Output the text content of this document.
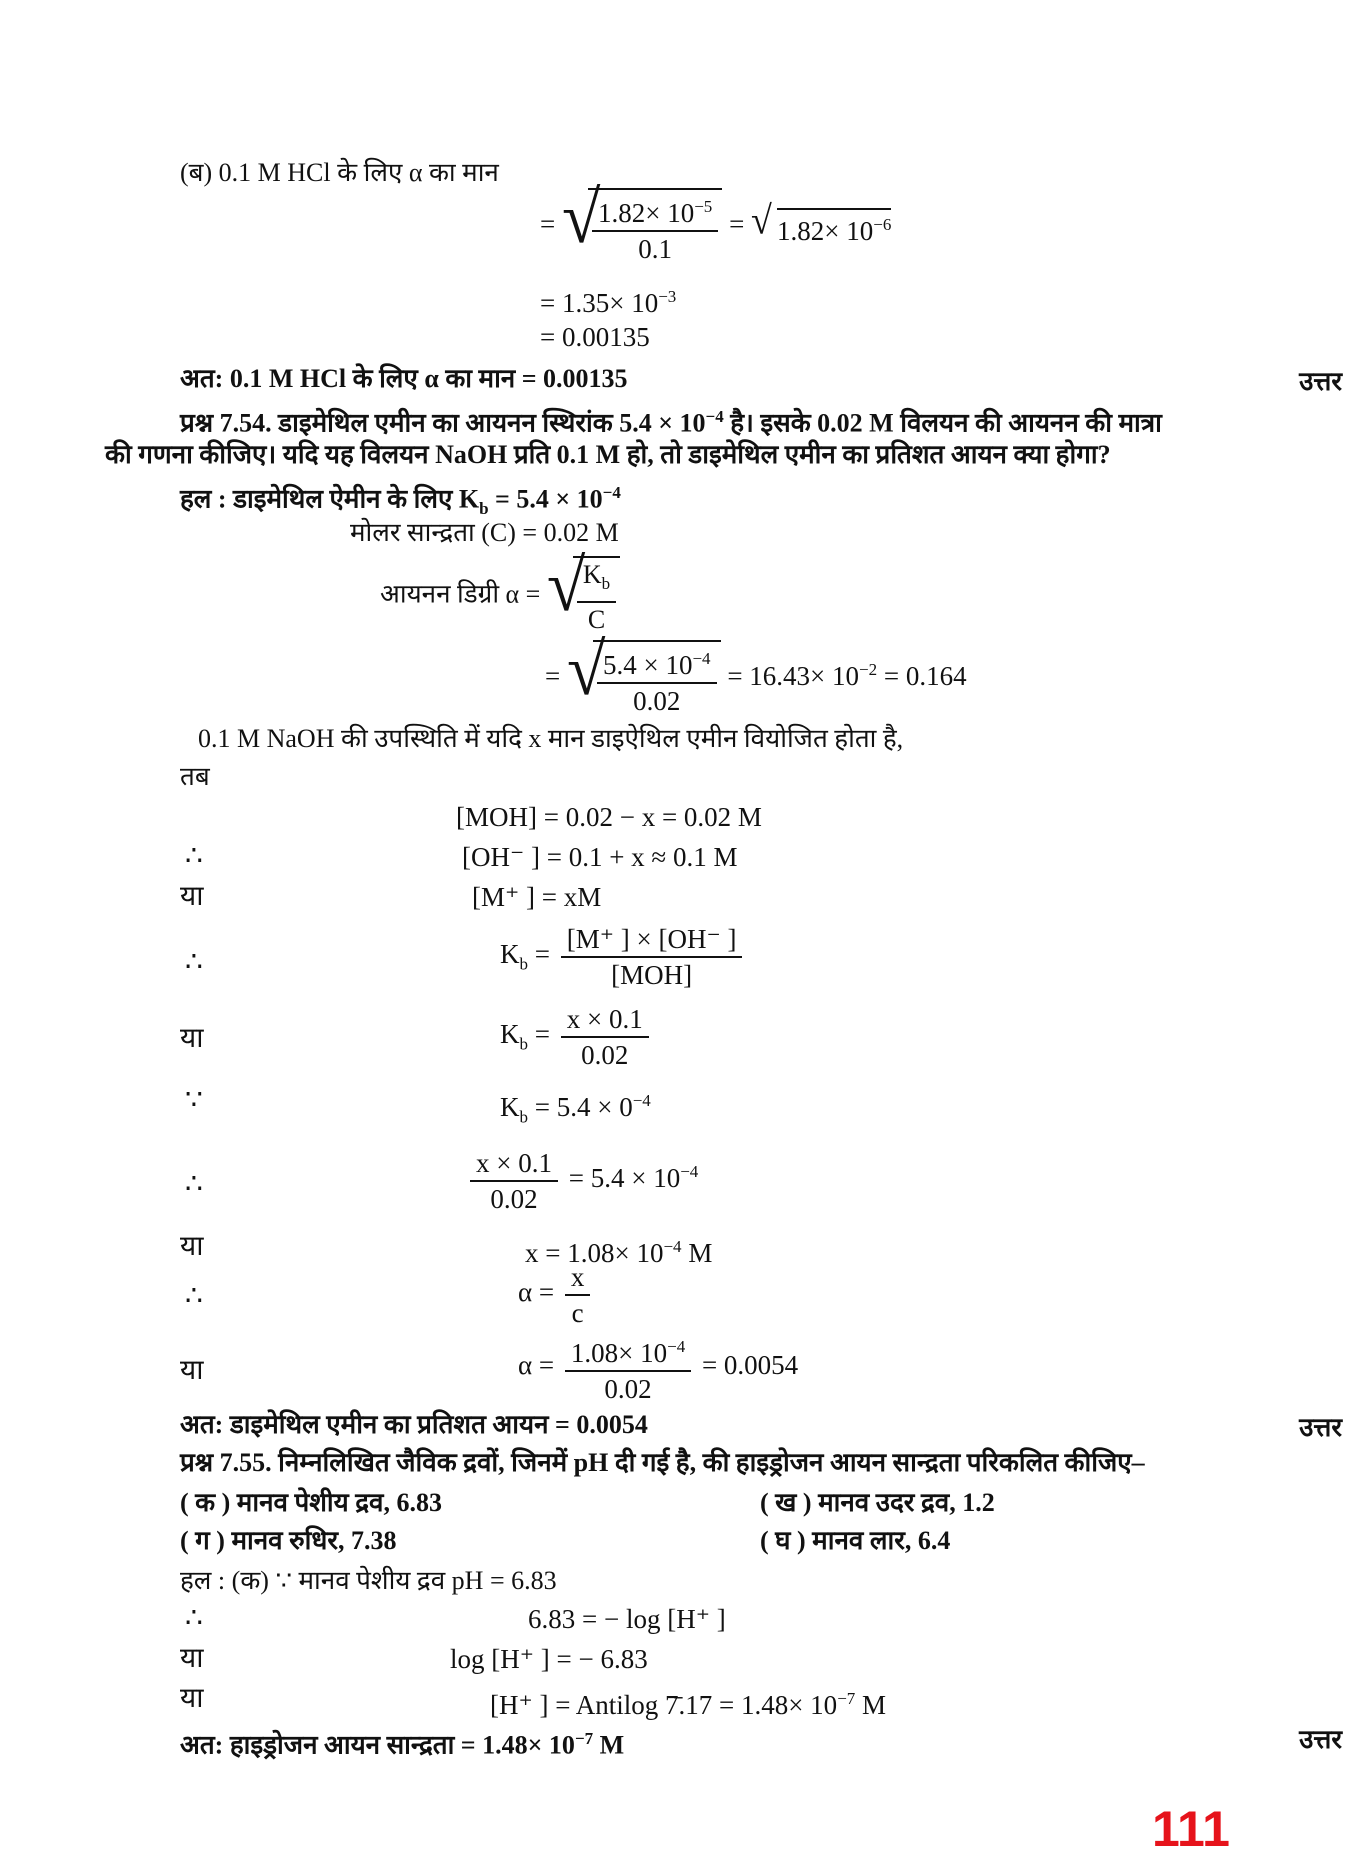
(ब) 0.1 M HCl के लिए α का मान
= √
$\frac{1.82\times 10^{-5}}{0.1}$ = √ $1.82\times 10^{-6}$
= $1.35\times 10^{-3}$
= 0.00135
अत: 0.1 M HCl के लिए α का मान = 0.00135	उत्तर
प्रश्न 7.54. डाइमेथिल एमीन का आयनन स्थिरांक $5.4 \times 10^{-4}$ है। इसके 0.02 M विलयन की आयनन की मात्रा
की गणना कीजिए। यदि यह विलयन NaOH प्रति 0.1 M हो, तो डाइमेथिल एमीन का प्रतिशत आयन क्या होगा?
हल : डाइमेथिल ऐमीन के लिए $K_b = 5.4 \times 10^{-4}$
मोलर सान्द्रता (C) = 0.02 M
आयनन डिग्री α = √
$\frac{K_b}{C}$
= √
$\frac{5.4 \times 10^{-4}}{0.02} = 16.43\times 10^{-2} = 0.164$
0.1 M NaOH की उपस्थिति में यदि x मान डाइऐथिल एमीन वियोजित होता है,
तब
[MOH] = 0.02 − x = 0.02 M
∴	[OH⁻ ] = 0.1 + x ≈ 0.1 M
या	[M⁺ ] = xM
∴	$K_b = \frac{[M^+ ] \times [OH^- ]}{\text{[MOH]}}$
या	$K_b = \frac{x \times 0.1}{0.02}$
∵	$K_b = 5.4 \times 0^{-4}$
∴	$\frac{x \times 0.1}{0.02} = 5.4 \times 10^{-4}$
या	$x = 1.08\times 10^{-4}$ M
∴	$\alpha = \frac{x}{c}$
या	$\alpha = \frac{1.08\times 10^{-4}}{0.02} = 0.0054$
अत: डाइमेथिल एमीन का प्रतिशत आयन = 0.0054	उत्तर
प्रश्न 7.55. निम्नलिखित जैविक द्रवों, जिनमें pH दी गई है, की हाइड्रोजन आयन सान्द्रता परिकलित कीजिए–
( क ) मानव पेशीय द्रव, 6.83	( ख ) मानव उदर द्रव, 1.2
( ग ) मानव रुधिर, 7.38	( घ ) मानव लार, 6.4
हल : (क) ∵ मानव पेशीय द्रव pH = 6.83
∴	6.83 = − log [H⁺ ]
या	log [H⁺ ] = − 6.83
या	[H⁺ ] = Antilog 7̄.17 = $1.48\times 10^{-7}$ M
अत: हाइड्रोजन आयन सान्द्रता = $1.48\times 10^{-7}$ M	उत्तर
111
